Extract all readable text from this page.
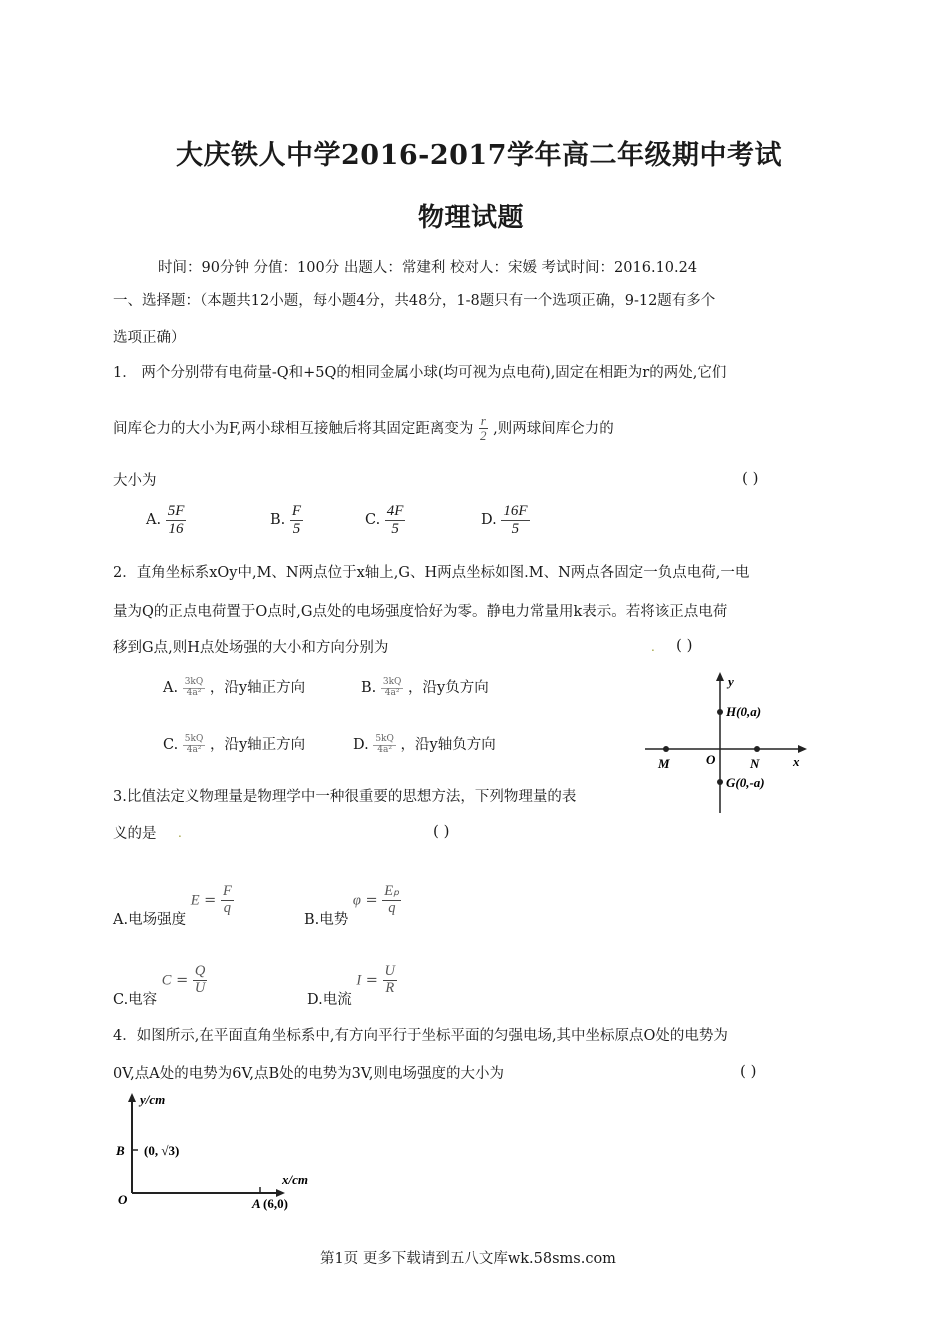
大庆铁人中学2016-2017学年高二年级期中考试
物理试题
时间：90分钟 分值：100分 出题人：常建利 校对人：宋媛 考试时间：2016.10.24
一、选择题：（本题共12小题，每小题4分，共48分，1-8题只有一个选项正确，9-12题有多个
选项正确）
1． 两个分别带有电荷量-Q和+5Q的相同金属小球(均可视为点电荷),固定在相距为r的两处,它们
间库仑力的大小为F,两小球相互接触后将其固定距离变为 $\frac{r}{2}$ ,则两球间库仑力的
大小为	( )
A. $\frac{5F}{16}$	B. $\frac{F}{5}$	C. $\frac{4F}{5}$	D. $\frac{16F}{5}$
2．直角坐标系xOy中,M、N两点位于x轴上,G、H两点坐标如图.M、N两点各固定一负点电荷,一电
量为Q的正点电荷置于O点时,G点处的电场强度恰好为零。静电力常量用k表示。若将该正点电荷
移到G点,则H点处场强的大小和方向分别为	. ( )
A. $\frac{3kQ}{\text{4a²}}$ ，沿y轴正方向	B. $\frac{3kQ}{\text{4a²}}$ ，沿y负方向
C. $\frac{5kQ}{\text{4a²}}$ ，沿y轴正方向	D. $\frac{5kQ}{\text{4a²}}$ ，沿y轴负方向
y
x
O
H(0,a)
G(0,-a)
M	N
3.比值法定义物理量是物理学中一种很重要的思想方法，下列物理量的表
义的是 .	( )
A.电场强度 $E = \frac{F}{q}$
B.电势 $\varphi = \frac{\text{Eₚ}}{q}$
C.电容 $C = \frac{Q}{U}$
D.电流 $I = \frac{U}{R}$
4．如图所示,在平面直角坐标系中,有方向平行于坐标平面的匀强电场,其中坐标原点O处的电势为
0V,点A处的电势为6V,点B处的电势为3V,则电场强度的大小为	( )
y/cm
x/cm
O
B (0, √3)
A (6,0)
第1页 更多下载请到五八文库wk.58sms.com
